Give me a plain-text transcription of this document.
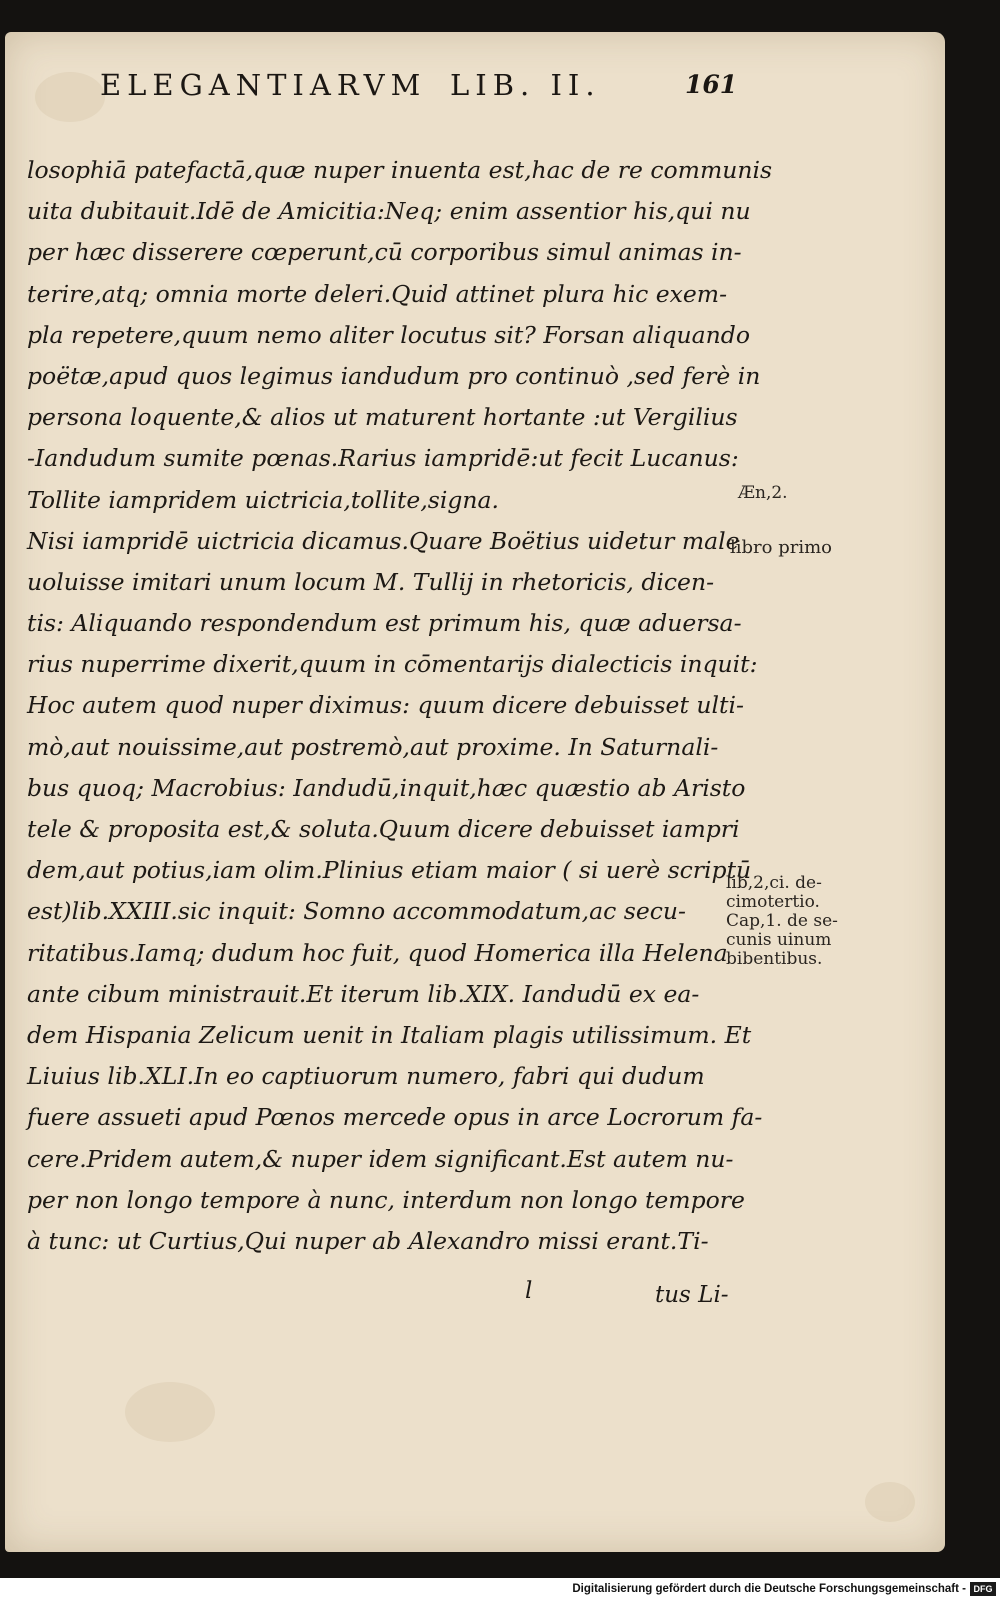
ELEGANTIARVM LIB. II.	161
losophiā patefactā,quæ nuper inuenta est,hac de re communis
uita dubitauit.Idē de Amicitia:Neq; enim assentior his,qui nu
per hæc disserere cœperunt,cū corporibus simul animas in-
terire,atq; omnia morte deleri.Quid attinet plura hic exem-
pla repetere,quum nemo aliter locutus sit? Forsan aliquando
poëtæ,apud quos legimus iandudum pro continuò ,sed ferè in
persona loquente,& alios ut maturent hortante :ut Vergilius
-Iandudum sumite pœnas.Rarius iampridē:ut fecit Lucanus:
Tollite iampridem uictricia,tollite,signa.
Nisi iampridē uictricia dicamus.Quare Boëtius uidetur male
uoluisse imitari unum locum M. Tullij in rhetoricis, dicen-
tis: Aliquando respondendum est primum his, quæ aduersa-
rius nuperrime dixerit,quum in cōmentarijs dialecticis inquit:
Hoc autem quod nuper diximus: quum dicere debuisset ulti-
mò,aut nouissime,aut postremò,aut proxime. In Saturnali-
bus quoq; Macrobius: Iandudū,inquit,hæc quæstio ab Aristo
tele & proposita est,& soluta.Quum dicere debuisset iampri
dem,aut potius,iam olim.Plinius etiam maior ( si uerè scriptū
est)lib.XXIII.sic inquit: Somno accommodatum,ac secu-
ritatibus.Iamq; dudum hoc fuit, quod Homerica illa Helena
ante cibum ministrauit.Et iterum lib.XIX. Iandudū ex ea-
dem Hispania Zelicum uenit in Italiam plagis utilissimum. Et
Liuius lib.XLI.In eo captiuorum numero, fabri qui dudum
fuere assueti apud Pœnos mercede opus in arce Locrorum fa-
cere.Pridem autem,& nuper idem significant.Est autem nu-
per non longo tempore à nunc, interdum non longo tempore
à tunc: ut Curtius,Qui nuper ab Alexandro missi erant.Ti-
Æn,2.
libro primo
lib,2,ci. de-
cimotertio.
Cap,1. de se-
cunis uinum
bibentibus.
l	tus Li-
Digitalisierung gefördert durch die Deutsche Forschungsgemeinschaft - DFG
